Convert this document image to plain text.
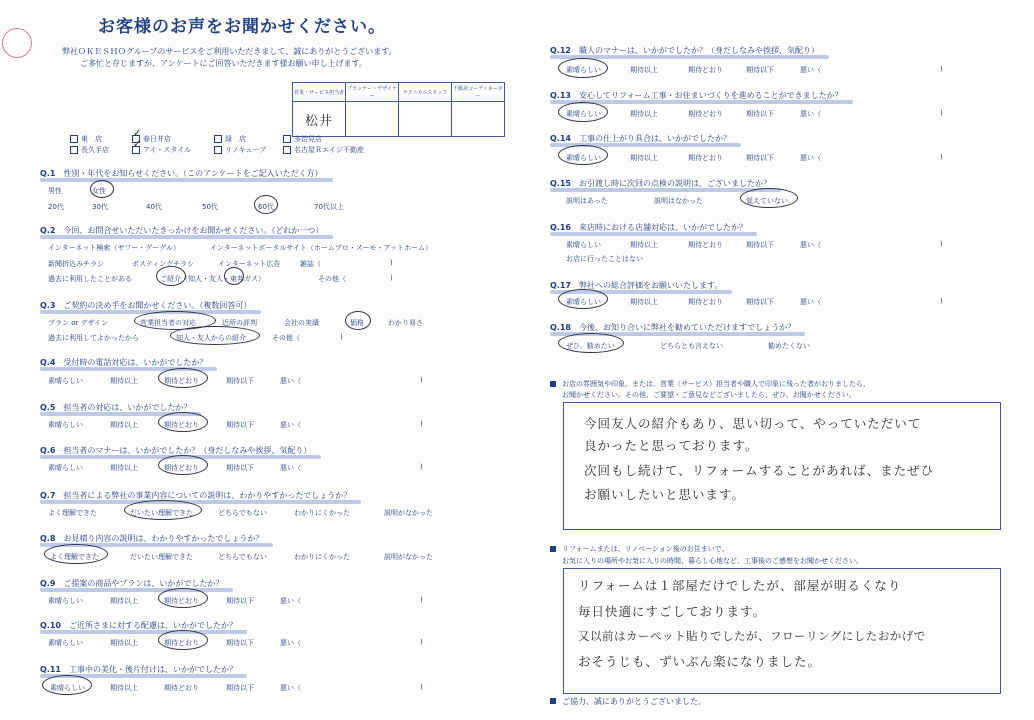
お客様のお声をお聞かせください。
弊社ＯＫＥＳＨＯグループのサービスをご利用いただきまして、誠にありがとうございます。
ご多忙と存じますが、アンケートにご回答いただきます様お願い申し上げます。
営業・サービス担当者	プランナー・デザイナー	テクニカルスタッフ	不動産コーディネーター
松井			
東　店	春日井店	緑　店	多治見店
長久手店	アイ・スタイル	リノキューブ	名古屋Ｒエイジ不動産
✓
✓
Q.1 性別・年代をお知らせください。（このアンケートをご記入いただく方）
男性	女性
20代	30代	40代	50代	60代	70代以上
Q.2 今回、お問合せいただいたきっかけをお聞かせください。（どれか一つ）
インターネット検索（ヤフー・グーグル）	インターネットポータルサイト（ホームプロ・スーモ・アットホーム）
新聞折込みチラシ	ポスティングチラシ	インターネット広告	雑誌（	)
過去に利用したことがある	ご紹介（知人・友人・東邦ガス）	その他（	)
Q.3 ご契約の決め手をお聞かせください。（複数回答可）
プラン or デザイン	営業担当者の対応	近所の評判	会社の実績	価格	わかり易さ
過去に利用してよかったから	知人・友人からの紹介	その他（	)
Q.4 受付時の電話対応は、いかがでしたか？
素晴らしい	期待以上	期待どおり	期待以下	悪い（	)
Q.5 担当者の対応は、いかがでしたか？
素晴らしい	期待以上	期待どおり	期待以下	悪い（	)
Q.6 担当者のマナーは、いかがでしたか？（身だしなみや挨拶、気配り）
素晴らしい	期待以上	期待どおり	期待以下	悪い（	)
Q.7 担当者による弊社の事業内容についての説明は、わかりやすかったでしょうか？
よく理解できた	だいたい理解できた	どちらでもない	わかりにくかった	説明がなかった
Q.8 お見積り内容の説明は、わかりやすかったでしょうか？
よく理解できた	だいたい理解できた	どちらでもない	わかりにくかった	説明がなかった
Q.9 ご提案の商品やプランは、いかがでしたか？
素晴らしい	期待以上	期待どおり	期待以下	悪い（	)
Q.10 ご近所さまに対する配慮は、いかがでしたか？
素晴らしい	期待以上	期待どおり	期待以下	悪い（	)
Q.11 工事中の美化・後片付けは、いかがでしたか？
素晴らしい	期待以上	期待どおり	期待以下	悪い（	)
Q.12 職人のマナーは、いかがでしたか？（身だしなみや挨拶、気配り）
素晴らしい	期待以上	期待どおり	期待以下	悪い（	)
Q.13 安心してリフォーム工事・お住まいづくりを進めることができましたか？
素晴らしい	期待以上	期待どおり	期待以下	悪い（	)
Q.14 工事の仕上がり具合は、いかがでしたか？
素晴らしい	期待以上	期待どおり	期待以下	悪い（	)
Q.15 お引渡し時に次回の点検の説明は、ございましたか？
説明はあった	説明はなかった	覚えていない
Q.16 来店時における店舗対応は、いかがでしたか？
素晴らしい	期待以上	期待どおり	期待以下	悪い（	)
お店に行ったことはない
Q.17 弊社への総合評価をお願いいたします。
素晴らしい	期待以上	期待どおり	期待以下	悪い（	)
Q.18 今後、お知り合いに弊社を勧めていただけますでしょうか？
ぜひ、勧めたい	どちらとも言えない	勧めたくない
お店の雰囲気や印象。または、営業（サービス）担当者や職人で印象に残った者がおりましたら、
お聞かせください。その他、ご要望・ご意見などございましたら、ぜひ、お聞かせください。
今回友人の紹介もあり、思い切って、やっていただいて
良かったと思っております。
次回もし続けて、リフォームすることがあれば、またぜひ
お願いしたいと思います。
リフォームまたは、リノベーション後のお住まいで、
お気に入りの場所やお気に入りの時間、暮らし心地など、工事後のご感想をお聞かせください。
リフォームは１部屋だけでしたが、部屋が明るくなり
毎日快適にすごしております。
又以前はカーペット貼りでしたが、フローリングにしたおかげで
おそうじも、ずいぶん楽になりました。
ご協力、誠にありがとうございました。
